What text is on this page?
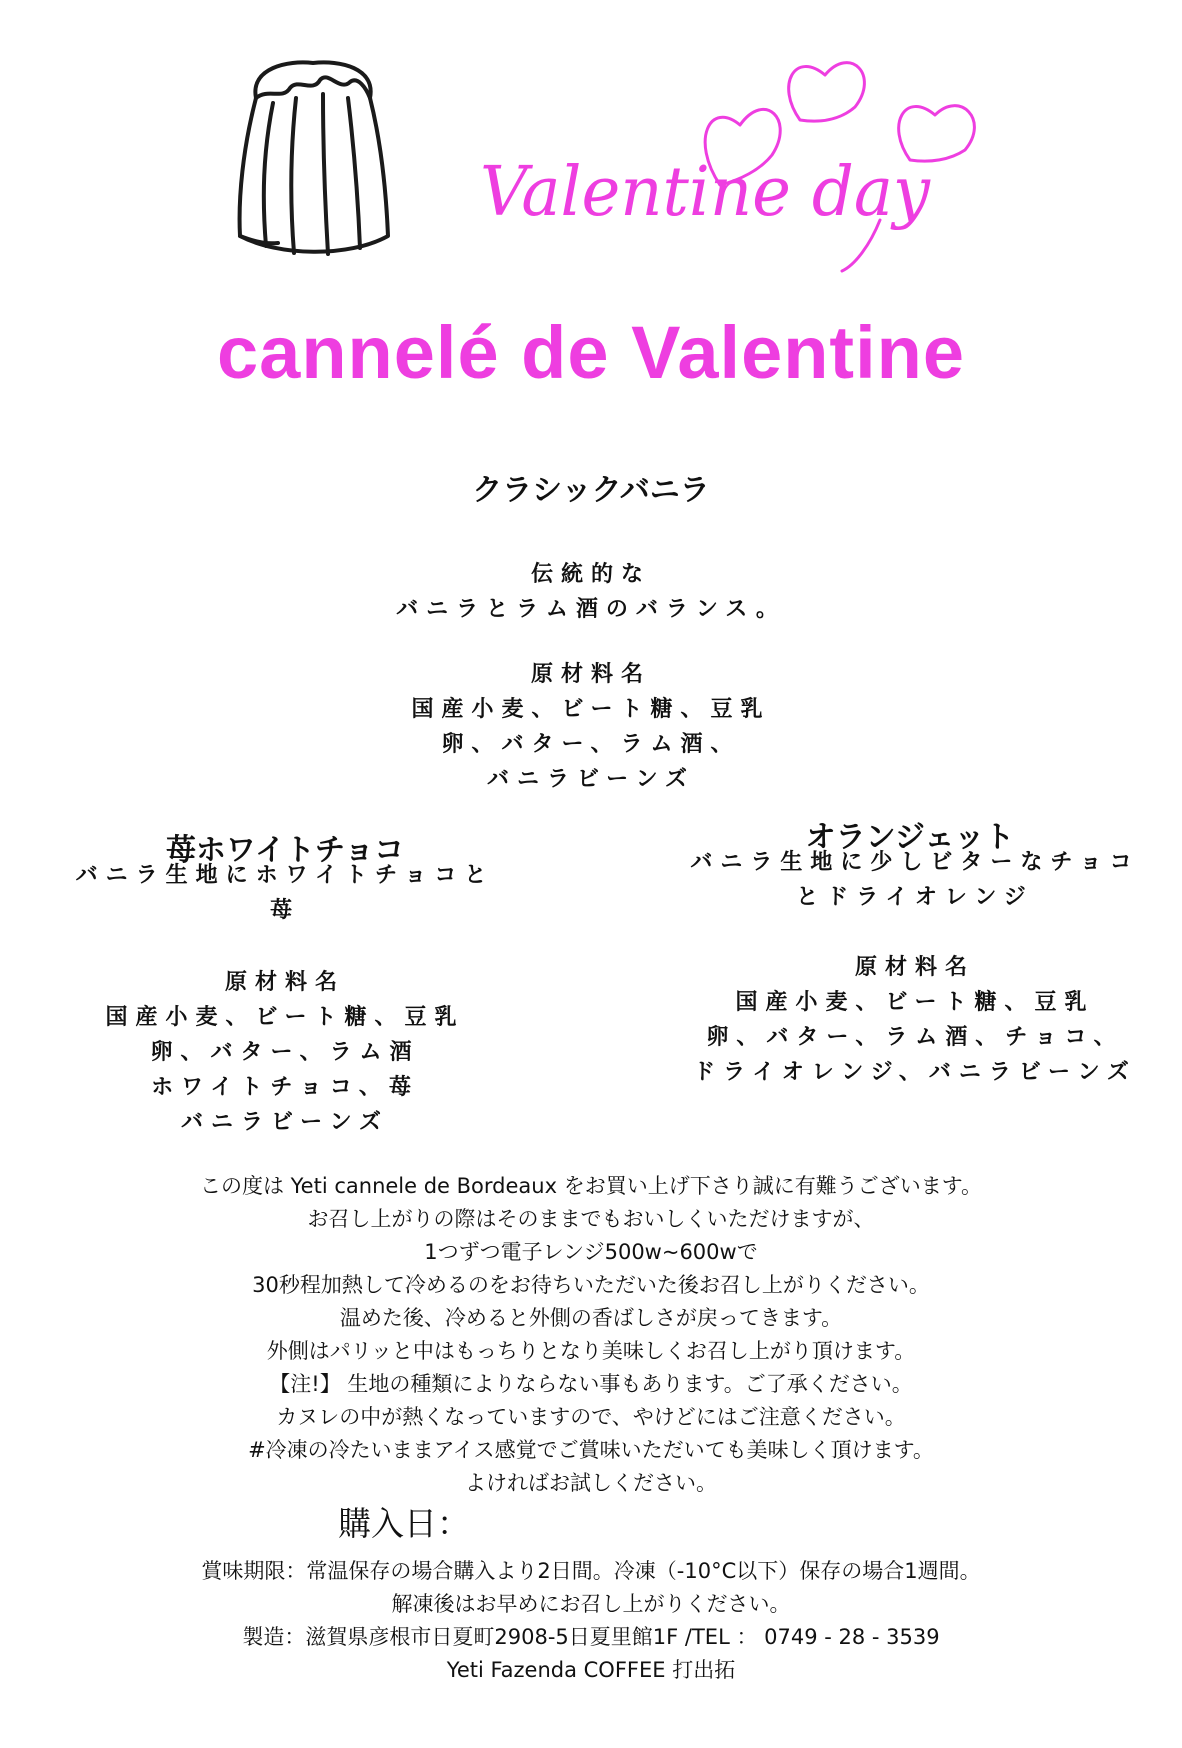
Valentine day
cannelé de Valentine
クラシックバニラ
伝統的な
バニラとラム酒のバランス。
原材料名
国産小麦、ビート糖、豆乳
卵、バター、ラム酒、
バニラビーンズ
苺ホワイトチョコ
バニラ生地にホワイトチョコと
苺
原材料名
国産小麦、ビート糖、豆乳
卵、バター、ラム酒
ホワイトチョコ、苺
バニラビーンズ
オランジェット
バニラ生地に少しビターなチョコ
とドライオレンジ
原材料名
国産小麦、ビート糖、豆乳
卵、バター、ラム酒、チョコ、
ドライオレンジ、バニラビーンズ
この度は Yeti cannele de Bordeaux をお買い上げ下さり誠に有難うございます。
お召し上がりの際はそのままでもおいしくいただけますが、
1つずつ電子レンジ500w~600wで
30秒程加熱して冷めるのをお待ちいただいた後お召し上がりください。
温めた後、冷めると外側の香ばしさが戻ってきます。
外側はパリッと中はもっちりとなり美味しくお召し上がり頂けます。
【注!】 生地の種類によりならない事もあります。ご了承ください。
カヌレの中が熱くなっていますので、やけどにはご注意ください。
#冷凍の冷たいままアイス感覚でご賞味いただいても美味しく頂けます。
よければお試しください。
購入日：
賞味期限：常温保存の場合購入より2日間。冷凍（-10°C以下）保存の場合1週間。
解凍後はお早めにお召し上がりください。
製造：滋賀県彦根市日夏町2908-5日夏里館1F /TEL ： 0749 - 28 - 3539
Yeti Fazenda COFFEE 打出拓
